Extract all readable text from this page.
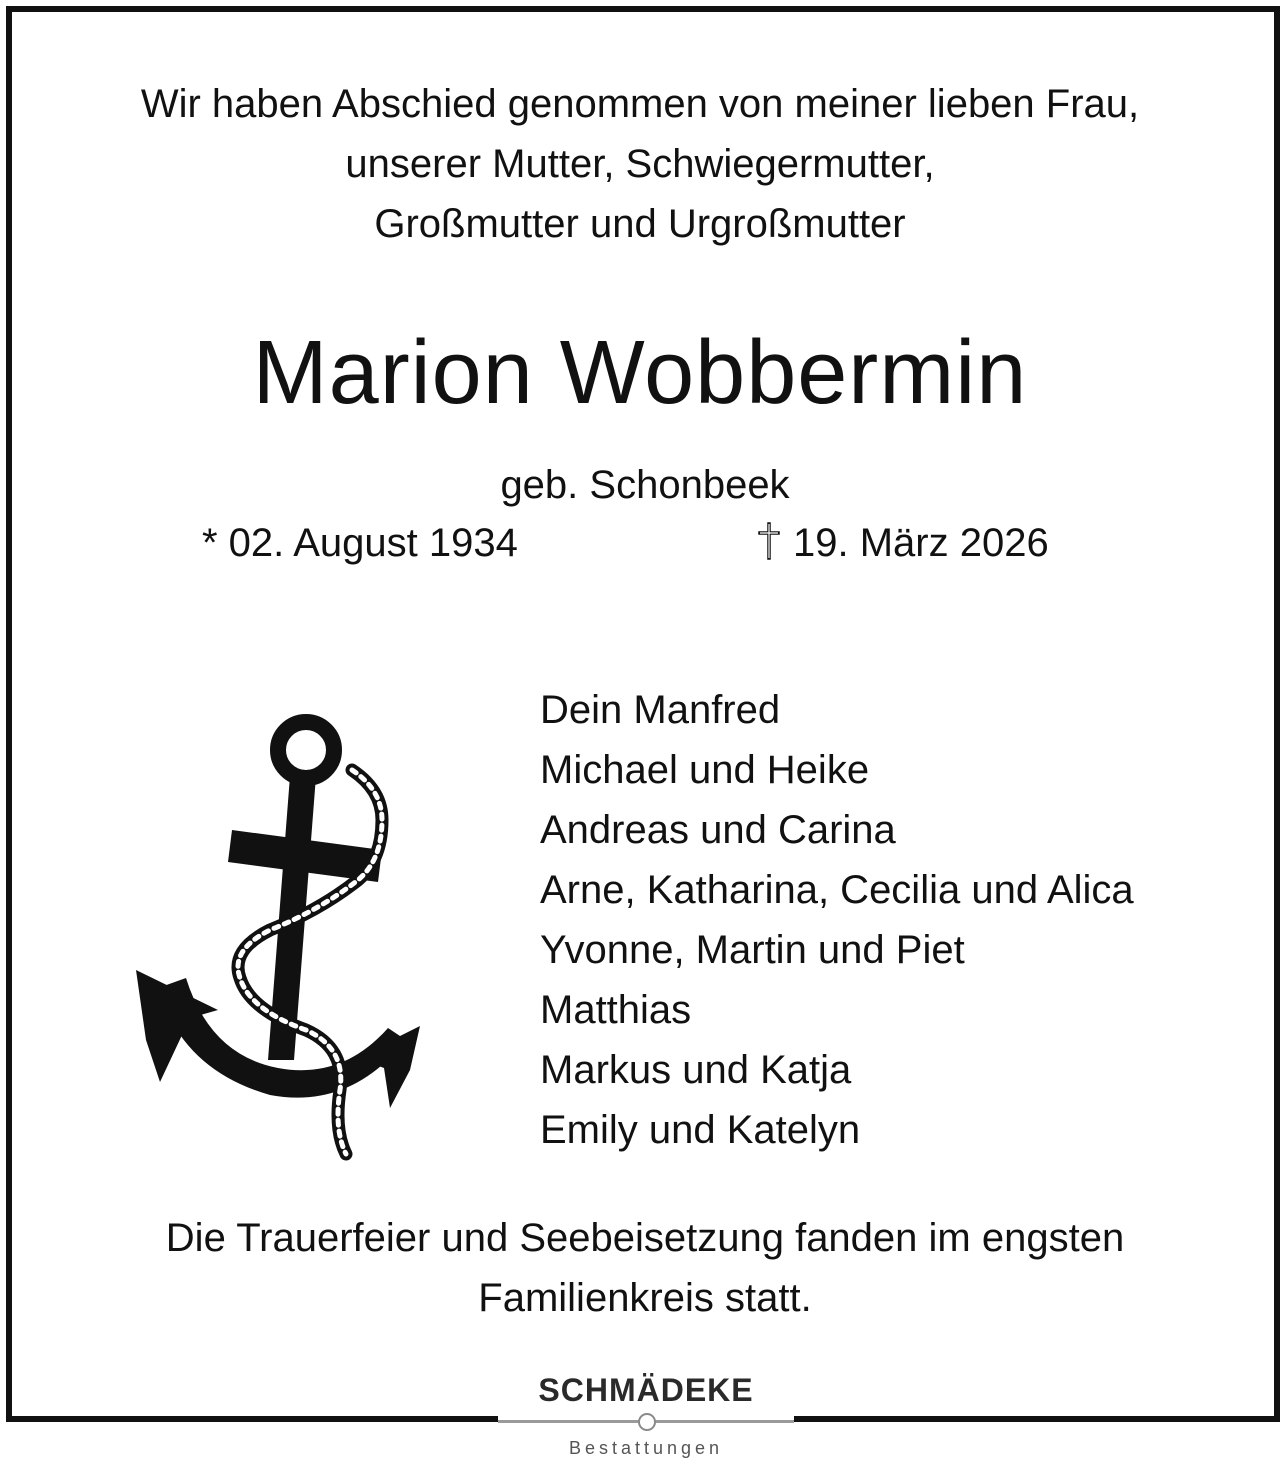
Wir haben Abschied genommen von meiner lieben Frau,
unserer Mutter, Schwiegermutter,
Großmutter und Urgroßmutter
Marion Wobbermin
geb. Schonbeek
* 02. August 1934	19. März 2026
Dein Manfred
Michael und Heike
Andreas und Carina
Arne, Katharina, Cecilia und Alica
Yvonne, Martin und Piet
Matthias
Markus und Katja
Emily und Katelyn
Die Trauerfeier und Seebeisetzung fanden im engsten
Familienkreis statt.
SCHMÄDEKE
Bestattungen
